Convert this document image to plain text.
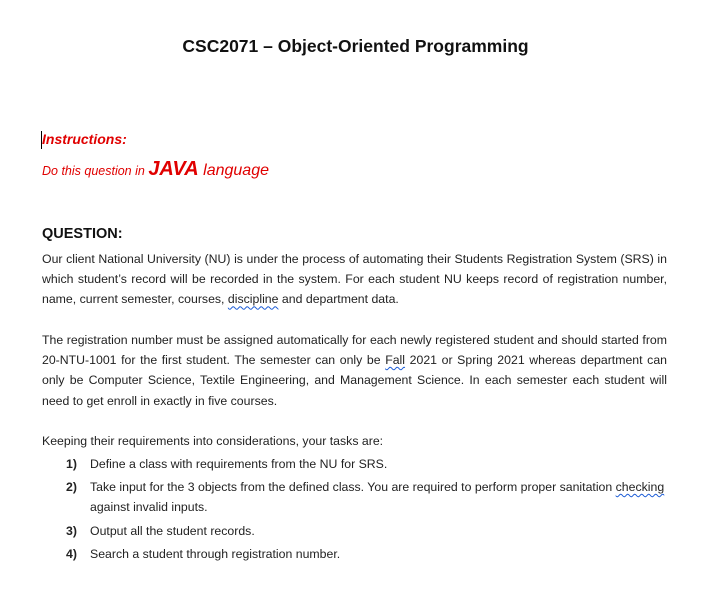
CSC2071 – Object-Oriented Programming
Instructions:
Do this question in JAVA language
QUESTION:
Our client National University (NU) is under the process of automating their Students Registration System (SRS) in which student’s record will be recorded in the system. For each student NU keeps record of registration number, name, current semester, courses, discipline and department data.
The registration number must be assigned automatically for each newly registered student and should started from 20-NTU-1001 for the first student. The semester can only be Fall 2021 or Spring 2021 whereas department can only be Computer Science, Textile Engineering, and Management Science. In each semester each student will need to get enroll in exactly in five courses.
Keeping their requirements into considerations, your tasks are:
1) Define a class with requirements from the NU for SRS.
2) Take input for the 3 objects from the defined class. You are required to perform proper sanitation checking against invalid inputs.
3) Output all the student records.
4) Search a student through registration number.
